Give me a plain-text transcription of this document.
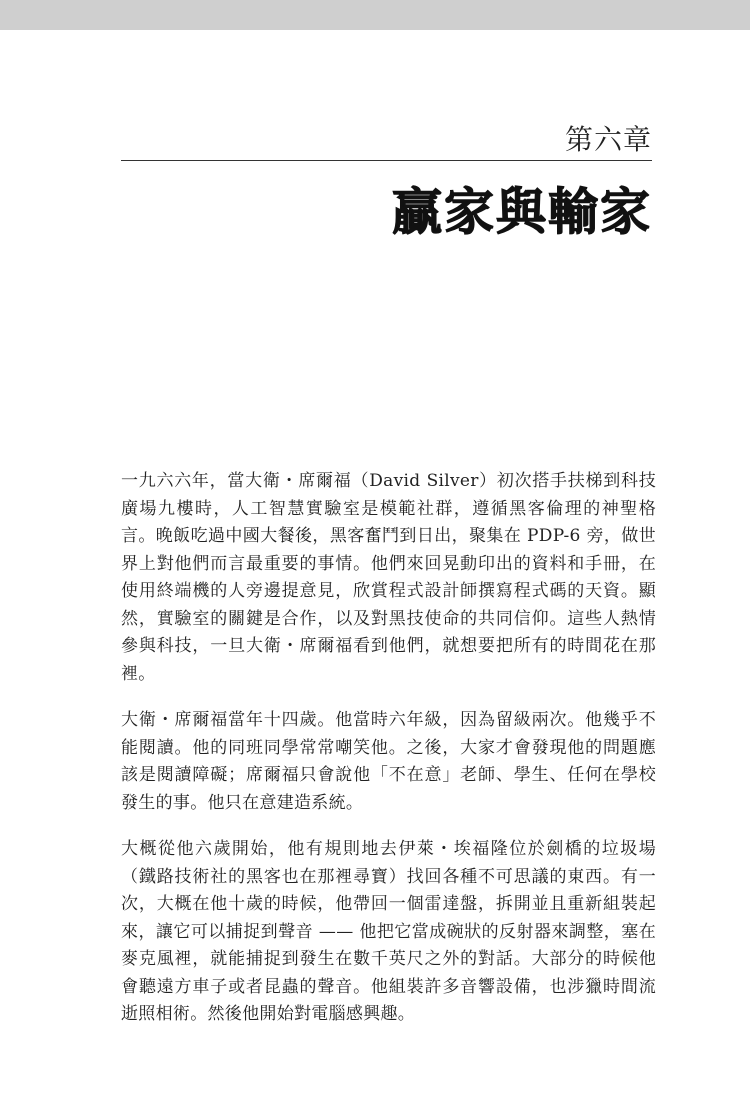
第六章
贏家與輸家

一九六六年，當大衛・席爾福（David Silver）初次搭手扶梯到科技廣場九樓時，人工智慧實驗室是模範社群，遵循黑客倫理的神聖格言。晚飯吃過中國大餐後，黑客奮鬥到日出，聚集在 PDP-6 旁，做世界上對他們而言最重要的事情。他們來回晃動印出的資料和手冊，在使用終端機的人旁邊提意見，欣賞程式設計師撰寫程式碼的天資。顯然，實驗室的關鍵是合作，以及對黑技使命的共同信仰。這些人熱情參與科技，一旦大衛・席爾福看到他們，就想要把所有的時間花在那裡。

大衛・席爾福當年十四歲。他當時六年級，因為留級兩次。他幾乎不能閱讀。他的同班同學常常嘲笑他。之後，大家才會發現他的問題應該是閱讀障礙；席爾福只會說他「不在意」老師、學生、任何在學校發生的事。他只在意建造系統。

大概從他六歲開始，他有規則地去伊萊・埃福隆位於劍橋的垃圾場（鐵路技術社的黑客也在那裡尋寶）找回各種不可思議的東西。有一次，大概在他十歲的時候，他帶回一個雷達盤，拆開並且重新組裝起來，讓它可以捕捉到聲音 —— 他把它當成碗狀的反射器來調整，塞在麥克風裡，就能捕捉到發生在數千英尺之外的對話。大部分的時候他會聽遠方車子或者昆蟲的聲音。他組裝許多音響設備，也涉獵時間流逝照相術。然後他開始對電腦感興趣。
